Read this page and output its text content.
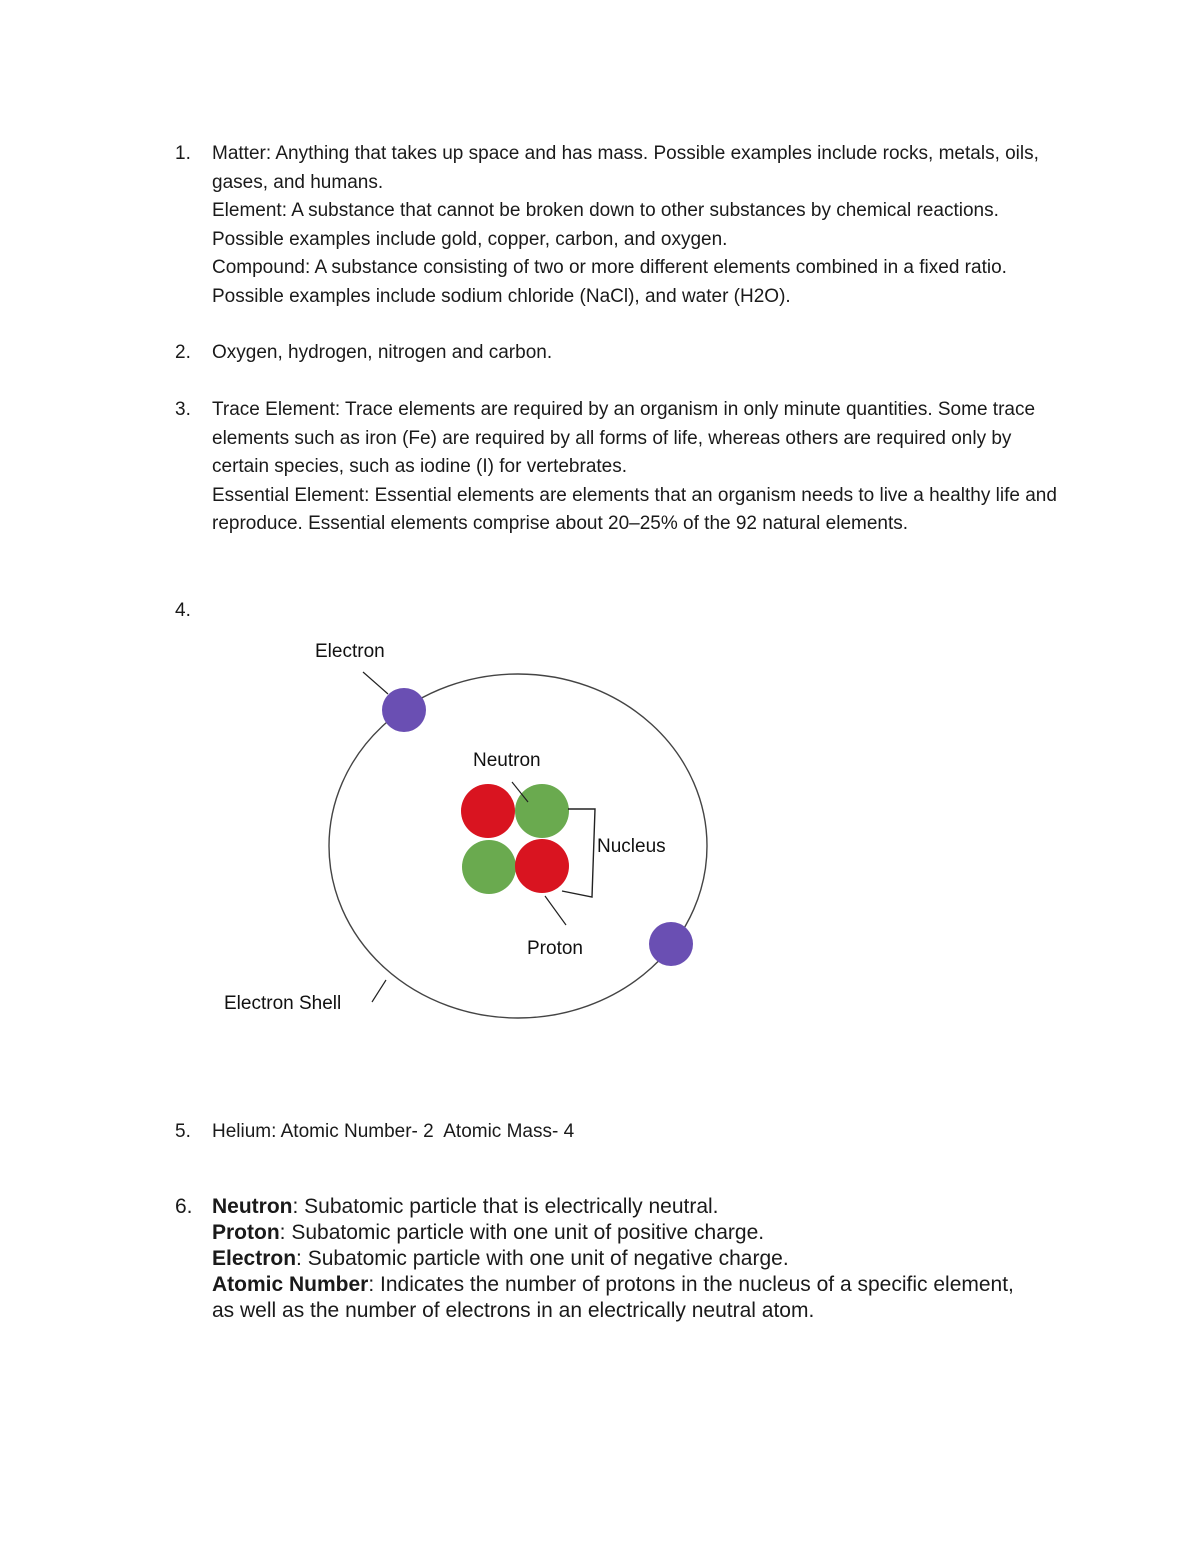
1.	Matter: Anything that takes up space and has mass. Possible examples include rocks, metals, oils, gases, and humans.

Element: A substance that cannot be broken down to other substances by chemical reactions. Possible examples include gold, copper, carbon, and oxygen.

Compound: A substance consisting of two or more different elements combined in a fixed ratio. Possible examples include sodium chloride (NaCl), and water (H2O).

2.	Oxygen, hydrogen, nitrogen and carbon.

3.	Trace Element: Trace elements are required by an organism in only minute quantities. Some trace elements such as iron (Fe) are required by all forms of life, whereas others are required only by certain species, such as iodine (I) for vertebrates.

Essential Element: Essential elements are elements that an organism needs to live a healthy life and reproduce. Essential elements comprise about 20–25% of the 92 natural elements.

4.
Electron
Neutron
Nucleus
Proton
Electron Shell
5.	Helium: Atomic Number- 2  Atomic Mass- 4

6. Neutron: Subatomic particle that is electrically neutral.

Proton: Subatomic particle with one unit of positive charge.

Electron: Subatomic particle with one unit of negative charge.

Atomic Number: Indicates the number of protons in the nucleus of a specific element, as well as the number of electrons in an electrically neutral atom.
